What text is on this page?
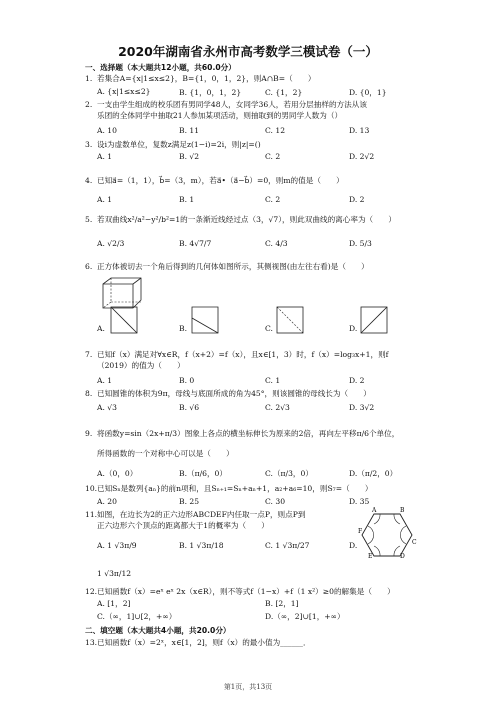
2020年湖南省永州市高考数学三模试卷（一）
一、选择题（本大题共12小题，共60.0分）
1. 若集合A={x|1≤x≤2}，B={1，0，1，2}，则A∩B=（　　）
A. {x|1≤x≤2}	B. {1，0，1，2}	C. {1，2}	D. {0，1}
2. 一支由学生组成的校乐团有男同学48人，女同学36人，若用分层抽样的方法从该
乐团的全体同学中抽取21人参加某项活动，则抽取到的男同学人数为（）
A. 10	B. 11	C. 12	D. 13
3. 设i为虚数单位，复数z满足z(1−i)=2i，则|z|=()
A. 1	B. √2	C. 2	D. 2√2
4. 已知a⃗=（1，1），b⃗=（3，m），若a⃗•（a⃗−b⃗）=0，则m的值是（　　）
A. 1	B. 1	C. 2	D. 2
5. 若双曲线x²/a²−y²/b²=1的一条渐近线经过点（3，√7），则此双曲线的离心率为（　　）
A. √2/3	B. 4√7/7	C. 4/3	D. 5/3
6. 正方体被切去一个角后得到的几何体如图所示，其侧视图(由左往右看)是（　　）
A.	B.	C.	D.
7. 已知f（x）满足对∀x∈R，f（x+2）=f（x），且x∈[1，3）时，f（x）=log₃x+1，则f
（2019）的值为（　　）
A. 1	B. 0	C. 1	D. 2
8. 已知圆锥的体积为9π，母线与底面所成的角为45°，则该圆锥的母线长为（　　）
A. √3	B. √6	C. 2√3	D. 3√2
9. 将函数y=sin（2x+π/3）图象上各点的横坐标伸长为原来的2倍，再向左平移π/6个单位，
所得函数的一个对称中心可以是（　　）
A.（0，0）	B.（π/6，0）	C.（π/3，0）	D.（π/2，0）
10.已知Sₙ是数列{aₙ}的前n项和，且Sₙ₊₁=Sₙ+aₙ+1，a₂+a₆=10，则S₇=（　　）
A. 20	B. 25	C. 30	D. 35
11.如图，在边长为2的正六边形ABCDEF内任取一点P，则点P到
正六边形六个顶点的距离都大于1的概率为（　　）
A. 1 √3π/9	B. 1 √3π/18	C. 1 √3π/27	D.
1 √3π/12
A	B
C
D
E
F
12.已知函数f（x）=eˣ eˣ 2x（x∈R），则不等式f（1−x）+f（1 x²）≥0的解集是（　　）
A. [1，2]	B. [2，1]
C.（∞，1]∪[2，+∞）	D.（∞，2]∪[1，+∞）
二、填空题（本大题共4小题，共20.0分）
13.已知函数f（x）=2ˣ，x∈[1，2]，则f（x）的最小值为______．
第1页，共13页
